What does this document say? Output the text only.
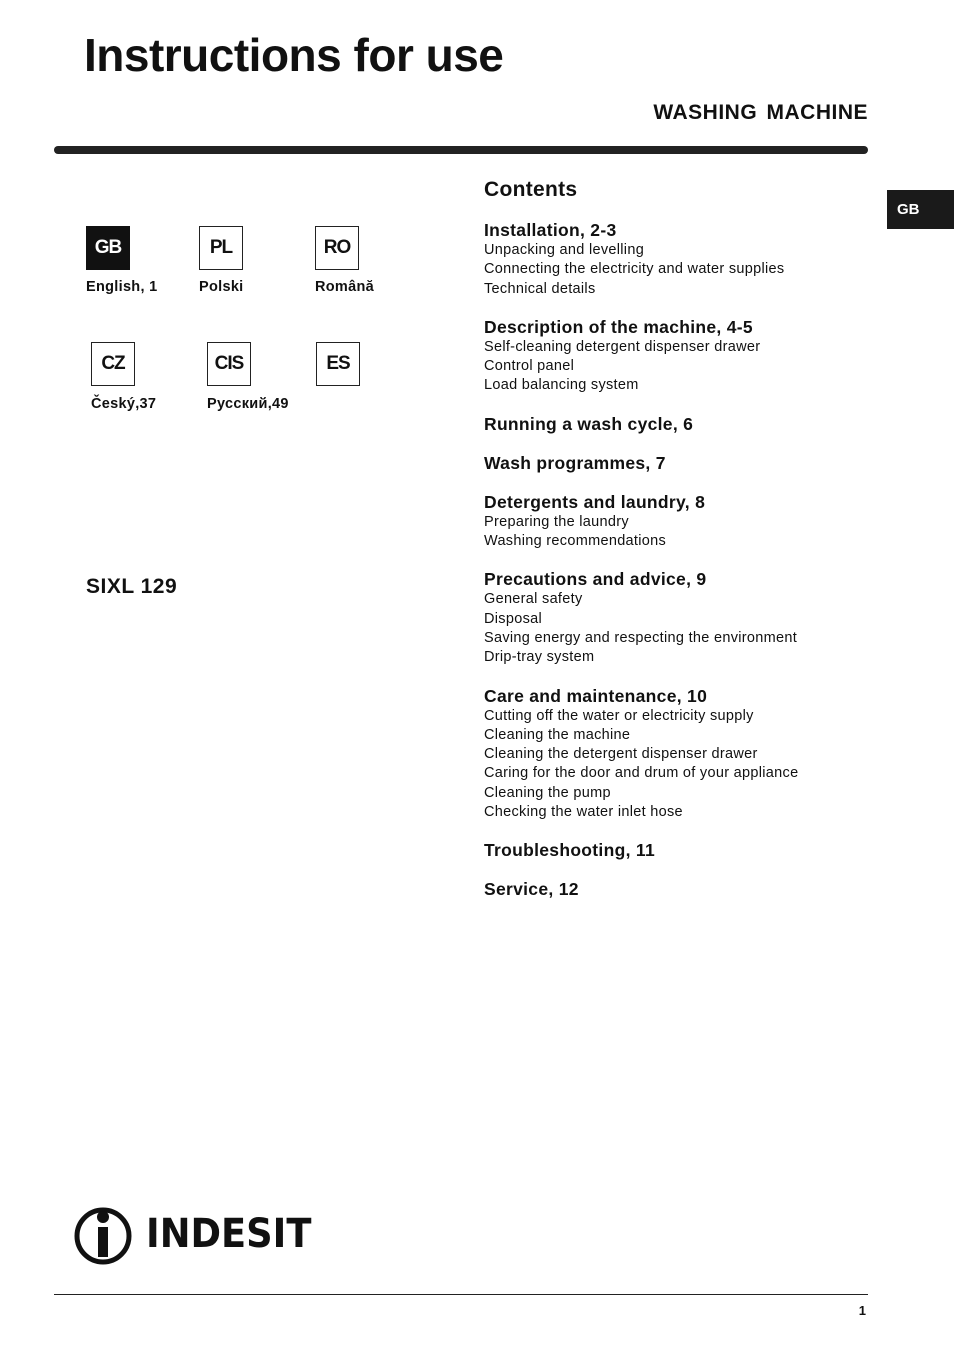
Instructions for use
WASHING MACHINE
GB
GB
English, 1
PL
Polski
RO
Română
CZ
Český,37
CIS
Русский,49
ES
SIXL 129
Contents
Installation, 2-3
Unpacking and levelling
Connecting the electricity and water supplies
Technical details
Description of the machine, 4-5
Self-cleaning detergent dispenser drawer
Control panel
Load balancing system
Running a wash cycle, 6
Wash programmes, 7
Detergents and laundry, 8
Preparing the laundry
Washing recommendations
Precautions and advice, 9
General safety
Disposal
Saving energy and respecting the environment
Drip-tray system
Care and maintenance, 10
Cutting off the water or electricity supply
Cleaning the machine
Cleaning the detergent dispenser drawer
Caring for the door and drum of your appliance
Cleaning the pump
Checking the water inlet hose
Troubleshooting, 11
Service, 12
INDESIT
1
